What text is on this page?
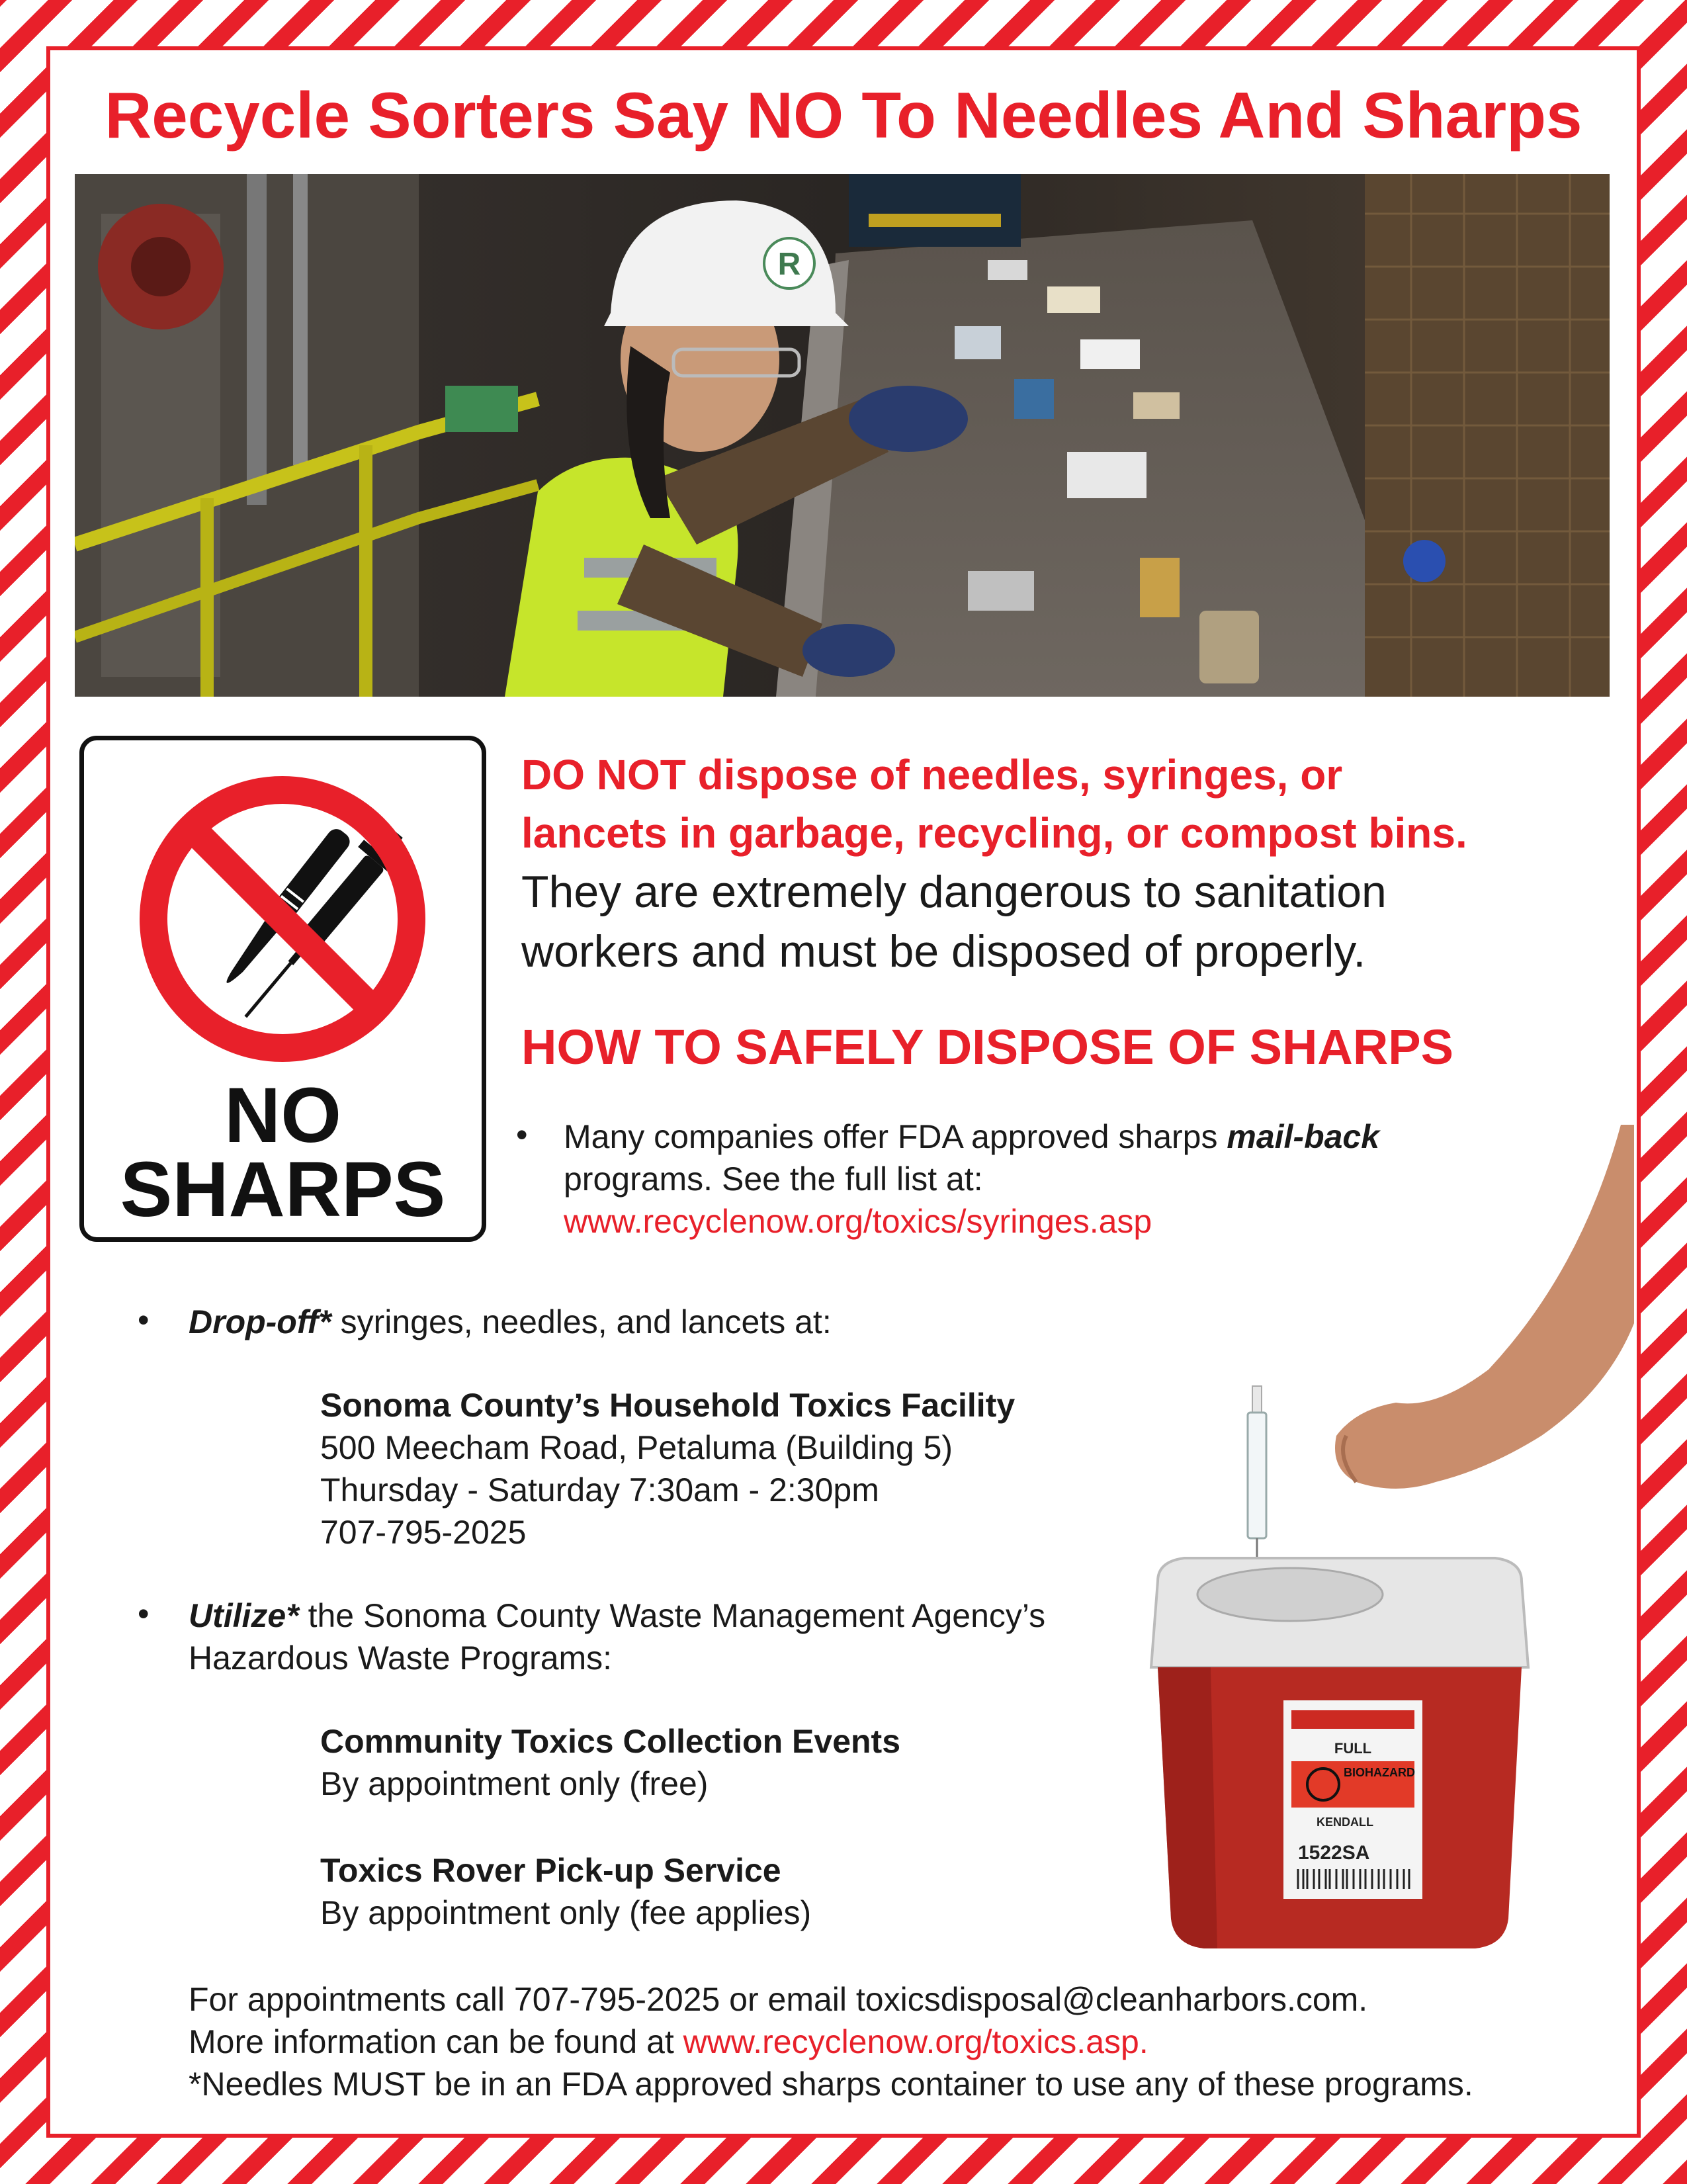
Recycle Sorters Say NO To Needles And Sharps
R
NO
SHARPS
DO NOT dispose of needles, syringes, or
lancets in garbage, recycling, or compost bins.
They are extremely dangerous to sanitation
workers and must be disposed of properly.
HOW TO SAFELY DISPOSE OF SHARPS
• Many companies offer FDA approved sharps mail-back
programs. See the full list at:
www.recyclenow.org/toxics/syringes.asp
• Drop-off* syringes, needles, and lancets at:
Sonoma County’s Household Toxics Facility
500 Meecham Road, Petaluma (Building 5)
Thursday - Saturday 7:30am - 2:30pm
707-795-2025
• Utilize* the Sonoma County Waste Management Agency’s
Hazardous Waste Programs:
Community Toxics Collection Events
By appointment only (free)
Toxics Rover Pick-up Service
By appointment only (fee applies)
FULL
BIOHAZARD
KENDALL
1522SA
For appointments call 707-795-2025 or email toxicsdisposal@cleanharbors.com.
More information can be found at www.recyclenow.org/toxics.asp.
*Needles MUST be in an FDA approved sharps container to use any of these programs.
